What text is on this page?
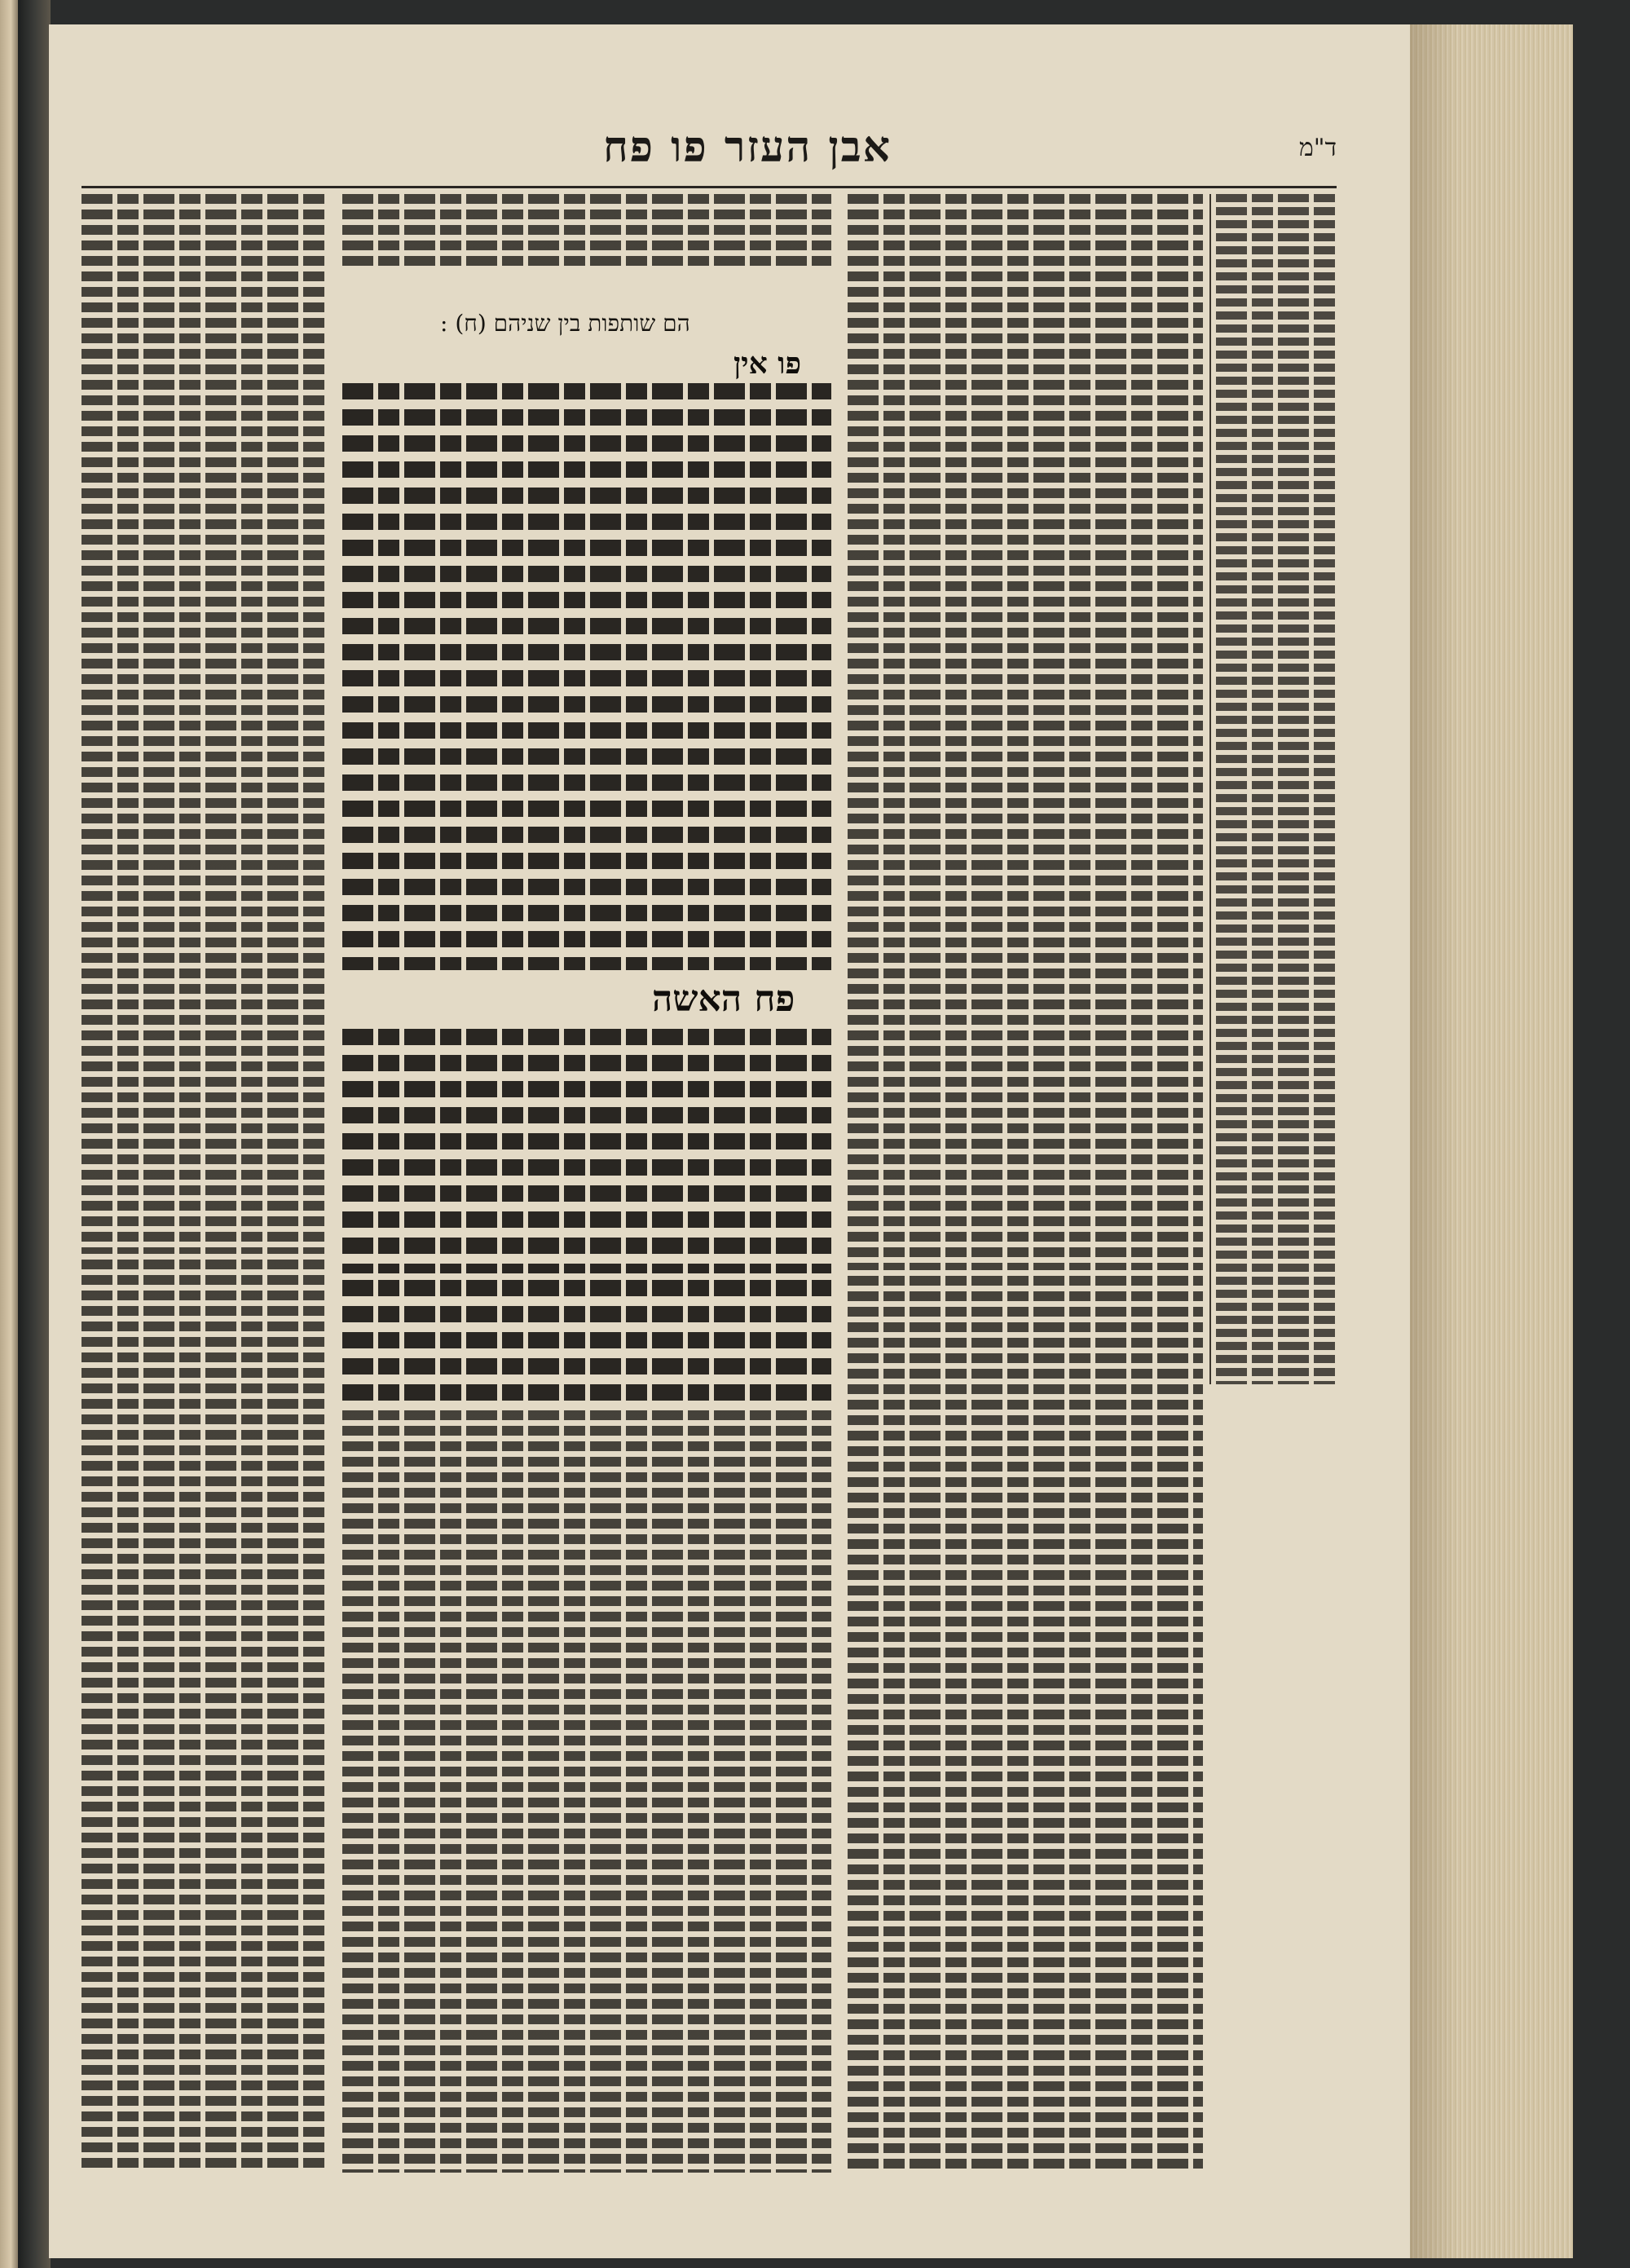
אבן העזר פו פח	ד"מ
הם שותפות בין שניהם (ח) :
פו אין
פח האשה
